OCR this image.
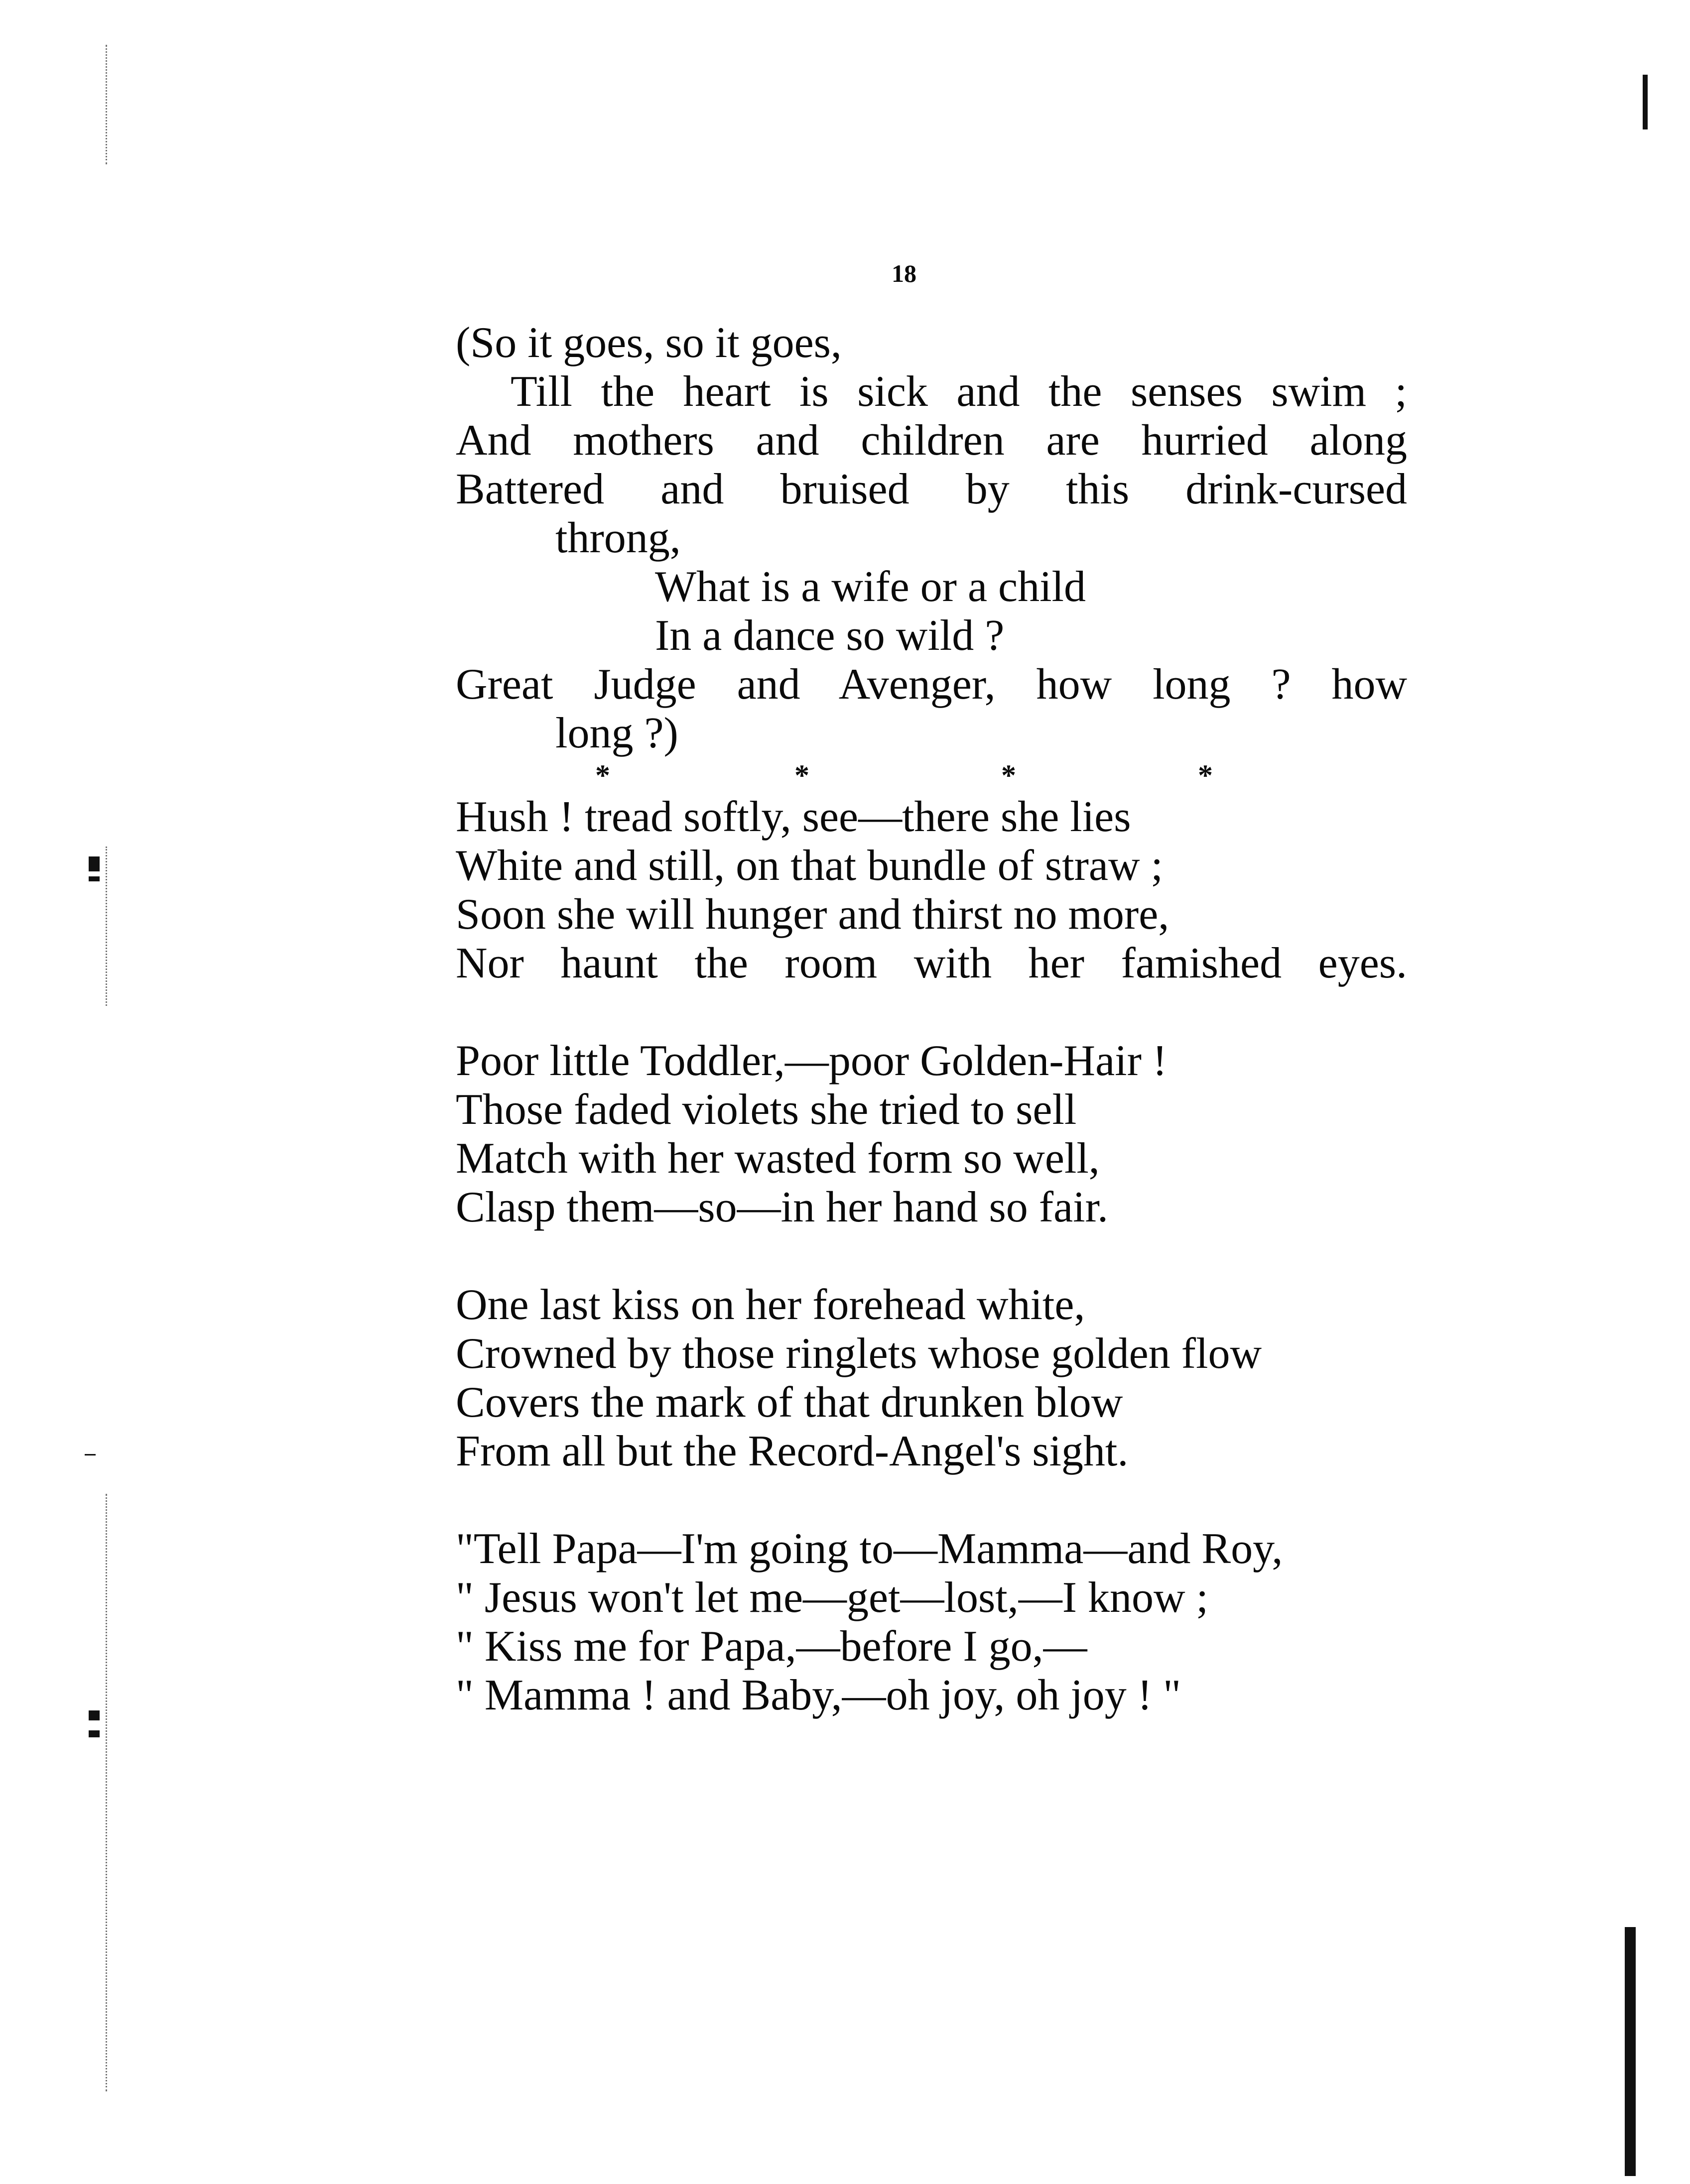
18
(So it goes, so it goes,
Till the heart is sick and the senses swim ;
And mothers and children are hurried along
Battered and bruised by this drink-cursed
throng,
What is a wife or a child
In a dance so wild ?
Great Judge and Avenger, how long ? how
long ?)
*	*	*	*
Hush ! tread softly, see—there she lies
White and still, on that bundle of straw ;
Soon she will hunger and thirst no more,
Nor haunt the room with her famished eyes.
Poor little Toddler,—poor Golden-Hair !
Those faded violets she tried to sell
Match with her wasted form so well,
Clasp them—so—in her hand so fair.
One last kiss on her forehead white,
Crowned by those ringlets whose golden flow
Covers the mark of that drunken blow
From all but the Record-Angel's sight.
"Tell Papa—I'm going to—Mamma—and Roy,
" Jesus won't let me—get—lost,—I know ;
" Kiss me for Papa,—before I go,—
" Mamma ! and Baby,—oh joy, oh joy ! "
